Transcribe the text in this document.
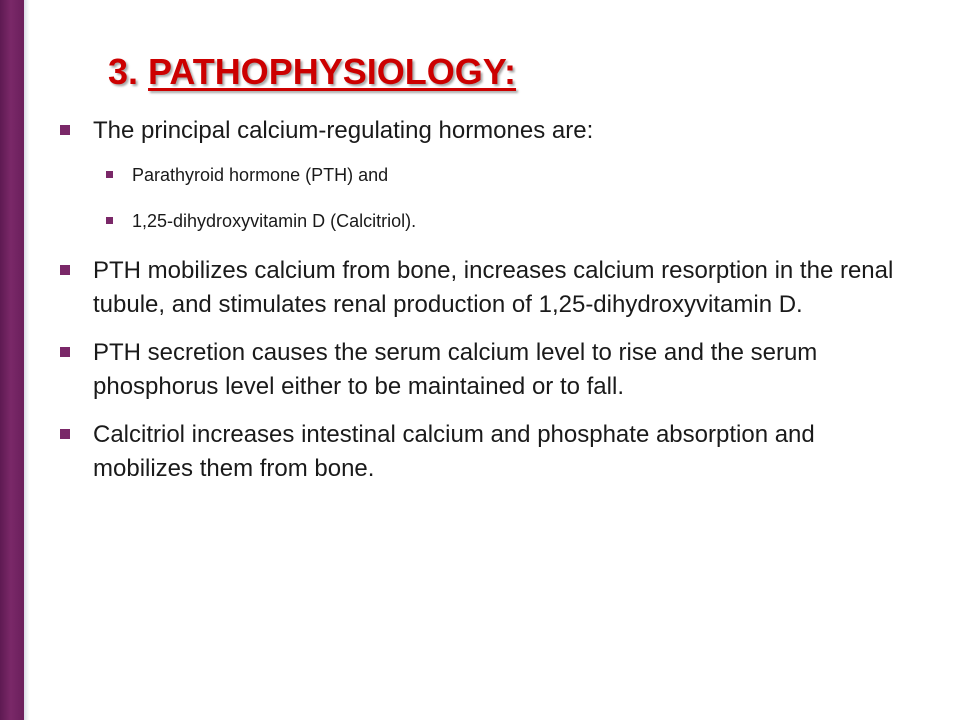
3. PATHOPHYSIOLOGY:
The principal calcium-regulating hormones are:
Parathyroid hormone (PTH) and
1,25-dihydroxyvitamin D (Calcitriol).
PTH mobilizes calcium from bone, increases calcium resorption in the renal tubule, and stimulates renal production of 1,25-dihydroxyvitamin D.
PTH secretion causes the serum calcium level to rise and the serum phosphorus level either to be maintained or to fall.
Calcitriol increases intestinal calcium and phosphate absorption and mobilizes them from bone.
